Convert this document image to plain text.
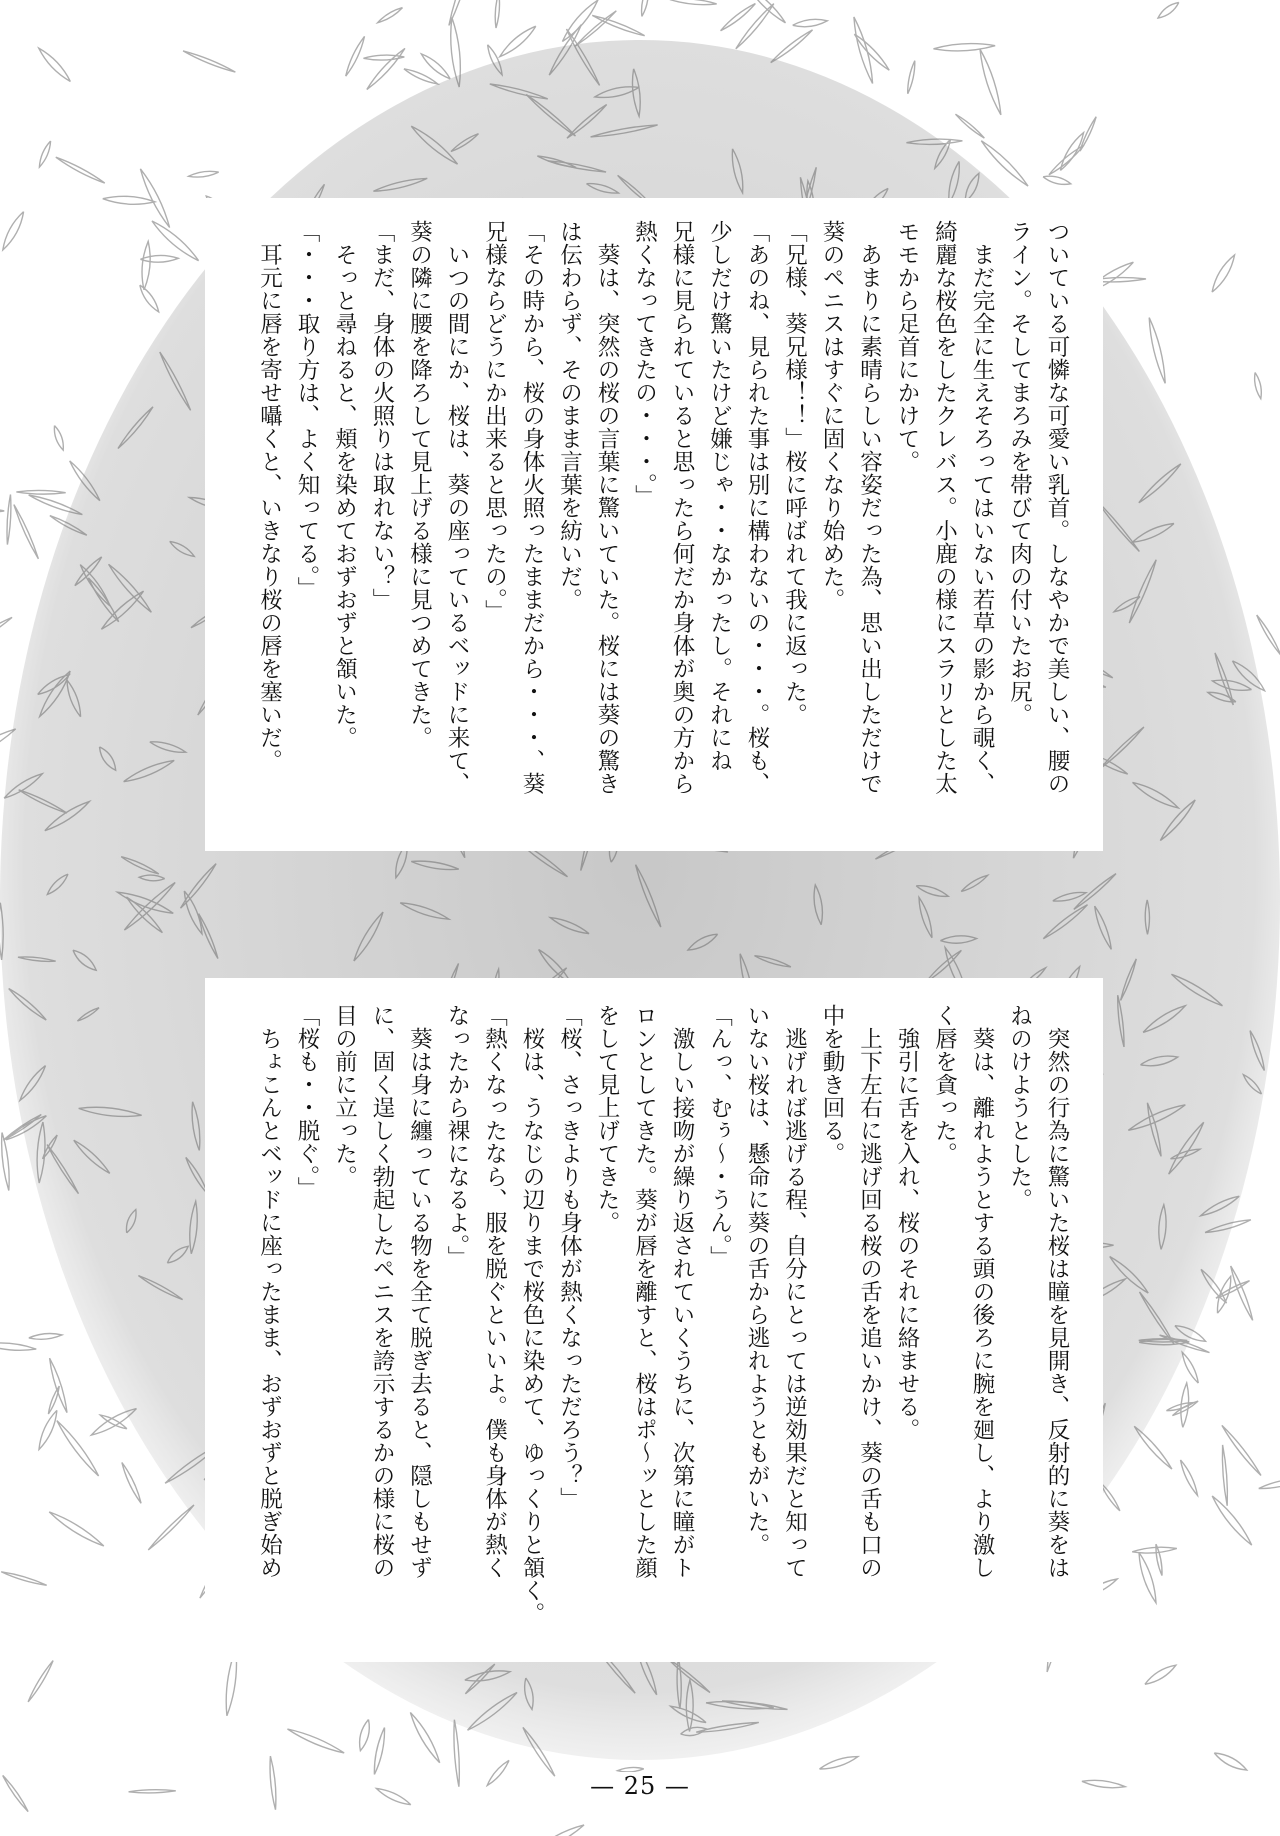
ついている可憐な可愛い乳首。しなやかで美しい、腰の

ライン。そしてまろみを帯びて肉の付いたお尻。

　まだ完全に生えそろってはいない若草の影から覗く、

綺麗な桜色をしたクレバス。小鹿の様にスラリとした太

モモから足首にかけて。

　あまりに素晴らしい容姿だった為、思い出しただけで

葵のペニスはすぐに固くなり始めた。

「兄様、葵兄様！！」桜に呼ばれて我に返った。

「あのね、見られた事は別に構わないの・・・。桜も、

少しだけ驚いたけど嫌じゃ・・なかったし。それにね

兄様に見られていると思ったら何だか身体が奥の方から

熱くなってきたの・・・。」

　葵は、突然の桜の言葉に驚いていた。桜には葵の驚き

は伝わらず、そのまま言葉を紡いだ。

「その時から、桜の身体火照ったままだから・・・、葵

兄様ならどうにか出来ると思ったの。」

　いつの間にか、桜は、葵の座っているベッドに来て、

葵の隣に腰を降ろして見上げる様に見つめてきた。

「まだ、身体の火照りは取れない？」

　そっと尋ねると、頬を染めておずおずと頷いた。

「・・・取り方は、よく知ってる。」

　耳元に唇を寄せ囁くと、いきなり桜の唇を塞いだ。

　突然の行為に驚いた桜は瞳を見開き、反射的に葵をは

ねのけようとした。

　葵は、離れようとする頭の後ろに腕を廻し、より激し

く唇を貪った。

　強引に舌を入れ、桜のそれに絡ませる。

　上下左右に逃げ回る桜の舌を追いかけ、葵の舌も口の

中を動き回る。

　逃げれば逃げる程、自分にとっては逆効果だと知って

いない桜は、懸命に葵の舌から逃れようともがいた。

「んっ、むぅ〜・うん。」

　激しい接吻が繰り返されていくうちに、次第に瞳がト

ロンとしてきた。葵が唇を離すと、桜はポ〜ッとした顔

をして見上げてきた。

「桜、さっきよりも身体が熱くなっただろう？」

　桜は、うなじの辺りまで桜色に染めて、ゆっくりと頷く。

「熱くなったなら、服を脱ぐといいよ。僕も身体が熱く

なったから裸になるよ。」

　葵は身に纏っている物を全て脱ぎ去ると、隠しもせず

に、固く逞しく勃起したペニスを誇示するかの様に桜の

目の前に立った。

「桜も・・脱ぐ。」

　ちょこんとベッドに座ったまま、おずおずと脱ぎ始め

— 25 —
